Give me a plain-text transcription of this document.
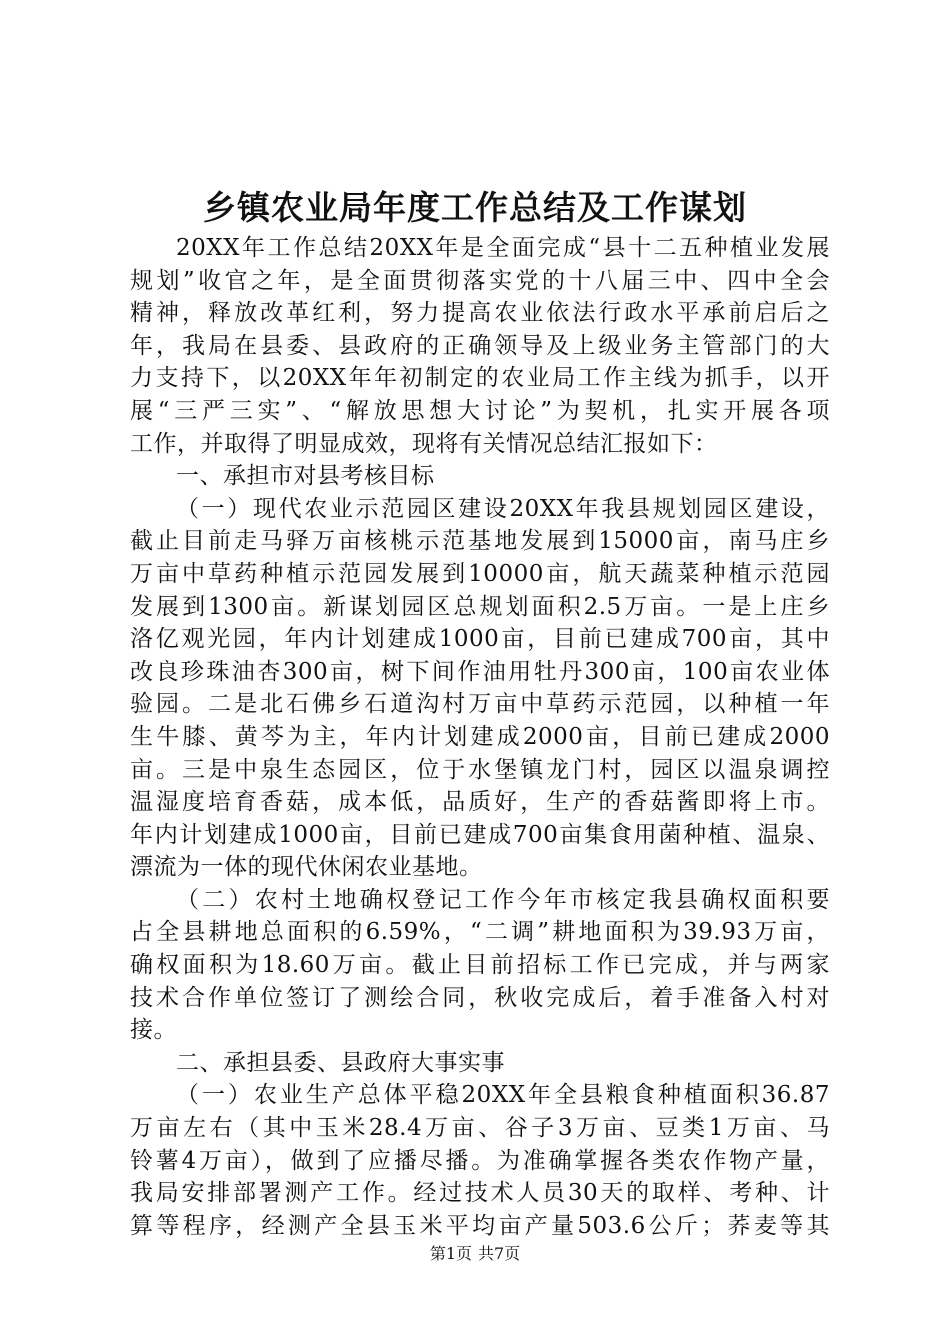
乡镇农业局年度工作总结及工作谋划
20XX年工作总结20XX年是全面完成“县十二五种植业发展
规划”收官之年，是全面贯彻落实党的十八届三中、四中全会
精神，释放改革红利，努力提高农业依法行政水平承前启后之
年，我局在县委、县政府的正确领导及上级业务主管部门的大
力支持下，以20XX年年初制定的农业局工作主线为抓手，以开
展“三严三实”、“解放思想大讨论”为契机，扎实开展各项
工作，并取得了明显成效，现将有关情况总结汇报如下：
一、承担市对县考核目标
（一）现代农业示范园区建设20XX年我县规划园区建设，
截止目前走马驿万亩核桃示范基地发展到15000亩，南马庄乡
万亩中草药种植示范园发展到10000亩，航天蔬菜种植示范园
发展到1300亩。新谋划园区总规划面积2.5万亩。一是上庄乡
洛亿观光园，年内计划建成1000亩，目前已建成700亩，其中
改良珍珠油杏300亩，树下间作油用牡丹300亩，100亩农业体
验园。二是北石佛乡石道沟村万亩中草药示范园，以种植一年
生牛膝、黄芩为主，年内计划建成2000亩，目前已建成2000
亩。三是中泉生态园区，位于水堡镇龙门村，园区以温泉调控
温湿度培育香菇，成本低，品质好，生产的香菇酱即将上市。
年内计划建成1000亩，目前已建成700亩集食用菌种植、温泉、
漂流为一体的现代休闲农业基地。
（二）农村土地确权登记工作今年市核定我县确权面积要
占全县耕地总面积的6.59%，“二调”耕地面积为39.93万亩，
确权面积为18.60万亩。截止目前招标工作已完成，并与两家
技术合作单位签订了测绘合同，秋收完成后，着手准备入村对
接。
二、承担县委、县政府大事实事
（一）农业生产总体平稳20XX年全县粮食种植面积36.87
万亩左右（其中玉米28.4万亩、谷子3万亩、豆类1万亩、马
铃薯4万亩），做到了应播尽播。为准确掌握各类农作物产量，
我局安排部署测产工作。经过技术人员30天的取样、考种、计
算等程序，经测产全县玉米平均亩产量503.6公斤；荞麦等其
第1页 共7页
